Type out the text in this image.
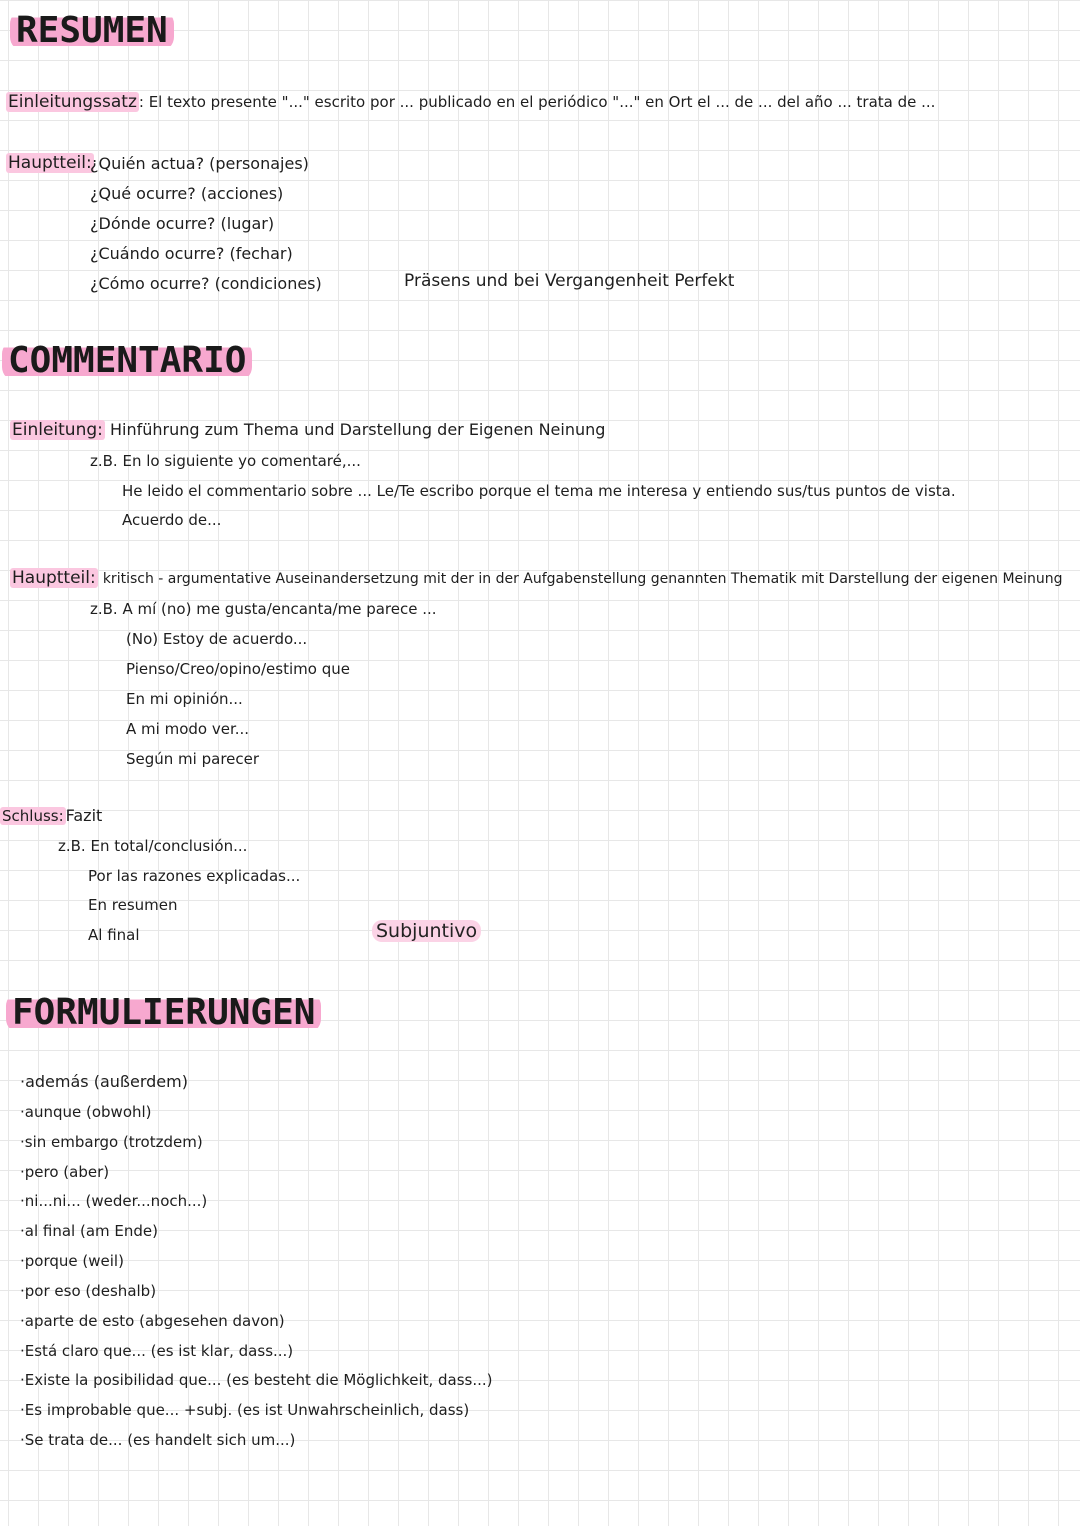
RESUMEN
Einleitungssatz : El texto presente "..." escrito por ... publicado en el periódico "..." en Ort el ... de ... del año ... trata de ...
Hauptteil:
¿Quién actua? (personajes)
¿Qué ocurre? (acciones)
¿Dónde ocurre? (lugar)
¿Cuándo ocurre? (fechar)
¿Cómo ocurre? (condiciones)	Präsens und bei Vergangenheit Perfekt
COMMENTARIO
Einleitung: Hinführung zum Thema und Darstellung der Eigenen Neinung
z.B. En lo siguiente yo comentaré,...
He leido el commentario sobre ... Le/Te escribo porque el tema me interesa y entiendo sus/tus puntos de vista.
Acuerdo de...
Hauptteil: kritisch - argumentative Auseinandersetzung mit der in der Aufgabenstellung genannten Thematik mit Darstellung der eigenen Meinung
z.B. A mí (no) me gusta/encanta/me parece ...
(No) Estoy de acuerdo...
Pienso/Creo/opino/estimo que
En mi opinión...
A mi modo ver...
Según mi parecer
Schluss: Fazit
z.B. En total/conclusión...
Por las razones explicadas...
En resumen
Al final	Subjuntivo
FORMULIERUNGEN
·además (außerdem)
·aunque (obwohl)
·sin embargo (trotzdem)
·pero (aber)
·ni...ni... (weder...noch...)
·al final (am Ende)
·porque (weil)
·por eso (deshalb)
·aparte de esto (abgesehen davon)
·Está claro que... (es ist klar, dass...)
·Existe la posibilidad que... (es besteht die Möglichkeit, dass...)
·Es improbable que... +subj. (es ist Unwahrscheinlich, dass)
·Se trata de... (es handelt sich um...)
